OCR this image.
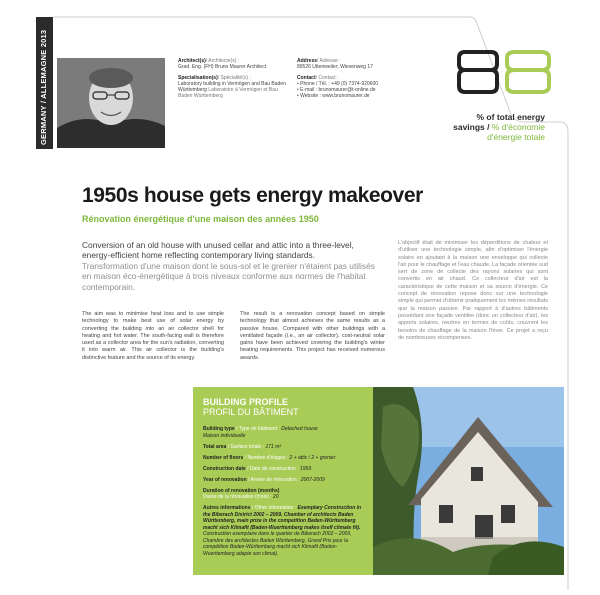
GERMANY / ALLEMAGNE 2013	Architect(s)/ Architecte(s) :
Grad. Eng. (FH) Bruno Maurer Architect
Specialisation(s)/ Spécialité(s) :
Laboratory building in Vermögen and Bau Baden Württemberg Laboratoire à Vermögen et Bau Baden Württemberg
Address/ Adresse :
89526 Uttenweiler; Wiesenweg 17
Contact/ Contact :
• Phone / Tél. : +49 (0) 7374-920600
• E-mail : brunomaurer@t-online.de
• Website : www.brunomaurer.de
% of total energy savings / % d'économie d'énergie totale
1950s house gets energy makeover
Rénovation énergétique d'une maison des années 1950
Conversion of an old house with unused cellar and attic into a three-level, energy-efficient home reflecting contemporary living standards.
Transformation d'une maison dont le sous-sol et le grenier n'étaient pas utilisés en maison éco-énergétique à trois niveaux conforme aux normes de l'habitat contemporain.
The aim was to minimise heat loss and to use simple technology to make best use of solar energy by converting the building into an air collector shell for heating and hot water. The south-facing wall is therefore used as a collector area for the sun's radiation, converting it into warm air. This air collector is the building's distinctive feature and the source of its energy.
The result is a renovation concept based on simple technology that almost achieves the same results as a passive house. Compared with other buildings with a ventilated façade (i.e., an air collector), cost-neutral solar gains have been achieved covering the building's winter heating requirements. This project has received numerous awards.
L'objectif était de minimiser les déperditions de chaleur et d'utiliser une technologie simple, afin d'optimiser l'énergie solaire en ajoutant à la maison une enveloppe qui collecte l'air pour le chauffage et l'eau chaude. La façade orientée sud sert de zone de collecte des rayons solaires qui sont convertis en air chaud. Ce collecteur d'air est la caractéristique de cette maison et sa source d'énergie. Ce concept de rénovation repose donc sur une technologie simple qui permet d'obtenir pratiquement les mêmes résultats que la maison passive. Par rapport à d'autres bâtiments possédant une façade ventilée (donc un collecteur d'air), les apports solaires, neutres en termes de coûts, couvrent les besoins de chauffage de la maison l'hiver. Ce projet a reçu de nombreuses récompenses.
BUILDING PROFILE
PROFIL DU BÂTIMENT
Building type / Type de bâtiment : Detached house
Maison individuelle
Total area / Surface totale : 171 m²
Number of floors / Nombre d'étages : 2 + attic / 2 + grenier
Construction date / Date de construction : 1959
Year of renovation / Année de rénovation : 2007-2009
Duration of renovation (months)
Durée de la rénovation (mois) : 20
Autres informations / Other information : Exemplary Construction in the Biberach District 2002 – 2009, Chamber of architects Baden Württemberg, main prize in the competition Baden-Württemberg macht sich Klimafit (Baden-Wuerttemberg makes itself climate fit). Construction exemplaire dans le quartier de Biberach 2002 – 2009, Chambre des architectes Baden Württemberg, Grand Prix pour la compétition Baden-Württemberg macht sich Klimafit (Baden-Wuerttemberg adapte son climat).
